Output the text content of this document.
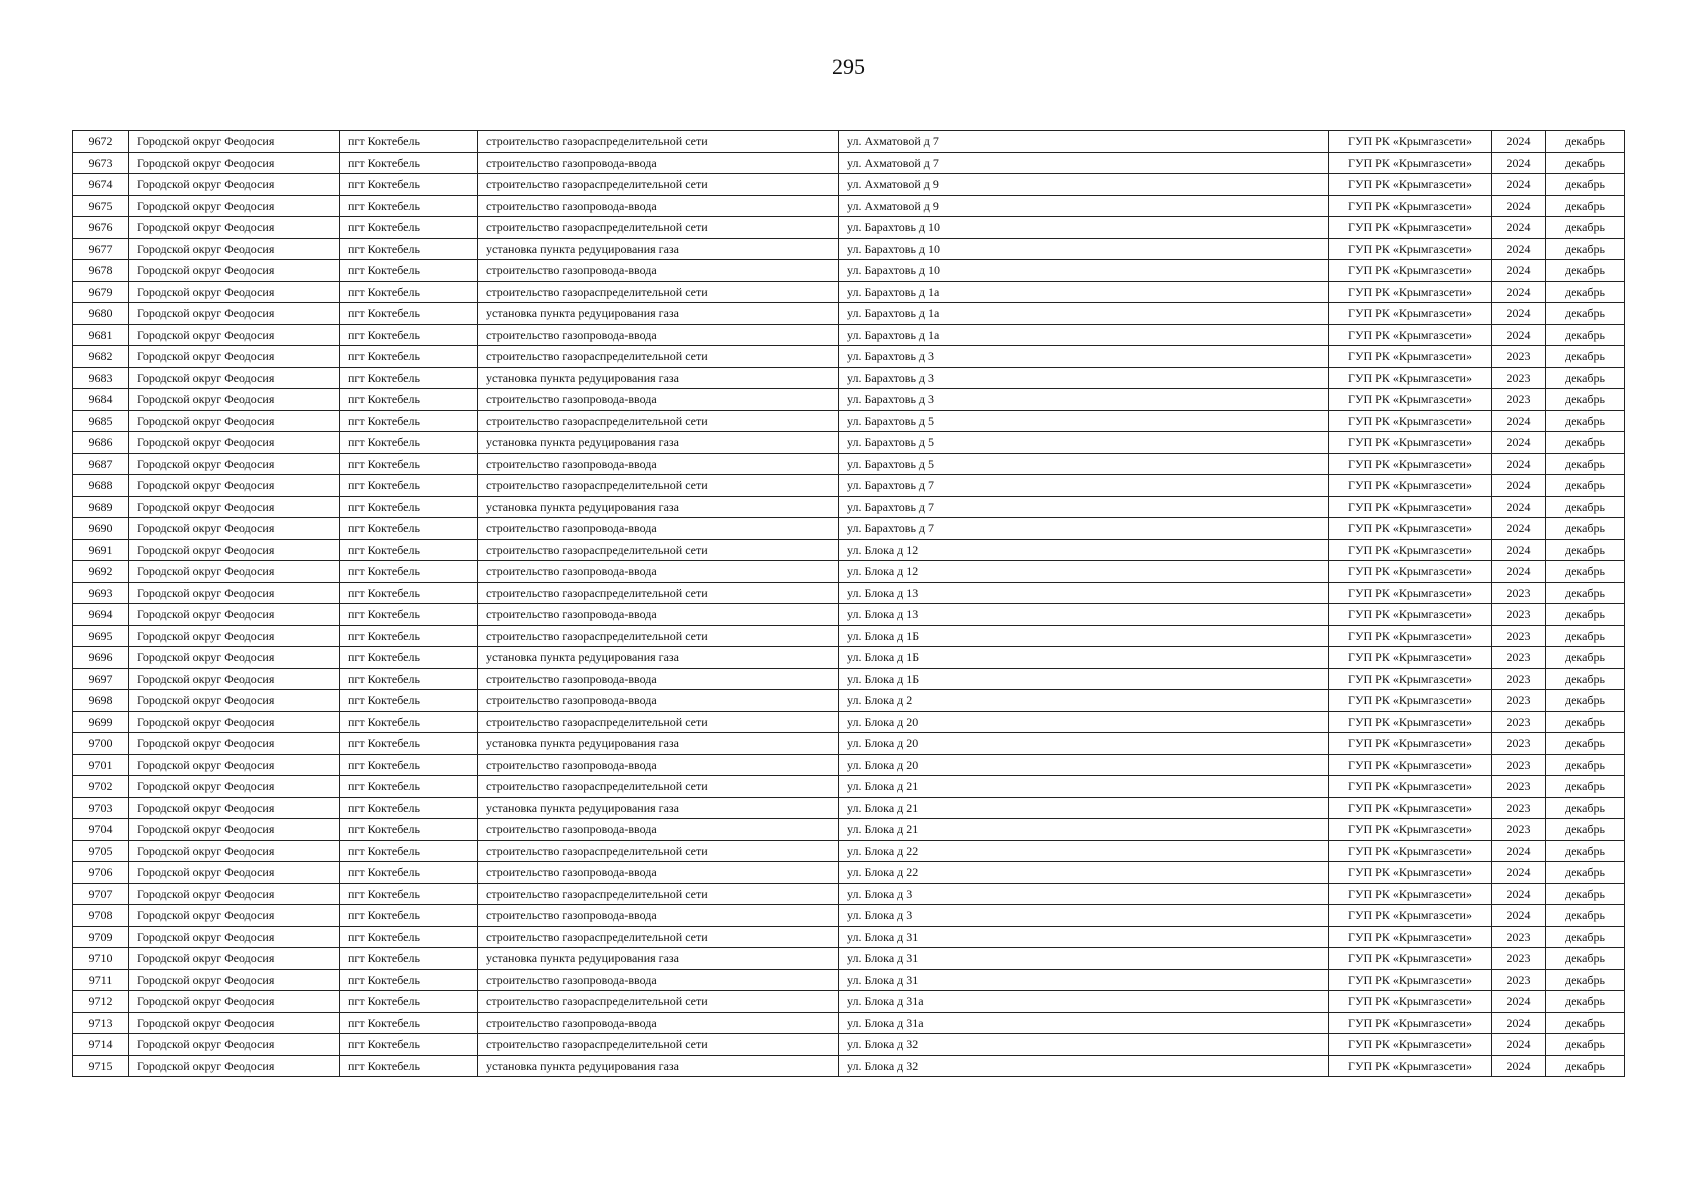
295
9672	Городской округ Феодосия	пгт Коктебель	строительство газораспределительной сети	ул. Ахматовой д 7	ГУП РК «Крымгазсети»	2024	декабрь
9673	Городской округ Феодосия	пгт Коктебель	строительство газопровода-ввода	ул. Ахматовой д 7	ГУП РК «Крымгазсети»	2024	декабрь
9674	Городской округ Феодосия	пгт Коктебель	строительство газораспределительной сети	ул. Ахматовой д 9	ГУП РК «Крымгазсети»	2024	декабрь
9675	Городской округ Феодосия	пгт Коктебель	строительство газопровода-ввода	ул. Ахматовой д 9	ГУП РК «Крымгазсети»	2024	декабрь
9676	Городской округ Феодосия	пгт Коктебель	строительство газораспределительной сети	ул. Барахтовь д 10	ГУП РК «Крымгазсети»	2024	декабрь
9677	Городской округ Феодосия	пгт Коктебель	установка пункта редуцирования газа	ул. Барахтовь д 10	ГУП РК «Крымгазсети»	2024	декабрь
9678	Городской округ Феодосия	пгт Коктебель	строительство газопровода-ввода	ул. Барахтовь д 10	ГУП РК «Крымгазсети»	2024	декабрь
9679	Городской округ Феодосия	пгт Коктебель	строительство газораспределительной сети	ул. Барахтовь д 1а	ГУП РК «Крымгазсети»	2024	декабрь
9680	Городской округ Феодосия	пгт Коктебель	установка пункта редуцирования газа	ул. Барахтовь д 1а	ГУП РК «Крымгазсети»	2024	декабрь
9681	Городской округ Феодосия	пгт Коктебель	строительство газопровода-ввода	ул. Барахтовь д 1а	ГУП РК «Крымгазсети»	2024	декабрь
9682	Городской округ Феодосия	пгт Коктебель	строительство газораспределительной сети	ул. Барахтовь д 3	ГУП РК «Крымгазсети»	2023	декабрь
9683	Городской округ Феодосия	пгт Коктебель	установка пункта редуцирования газа	ул. Барахтовь д 3	ГУП РК «Крымгазсети»	2023	декабрь
9684	Городской округ Феодосия	пгт Коктебель	строительство газопровода-ввода	ул. Барахтовь д 3	ГУП РК «Крымгазсети»	2023	декабрь
9685	Городской округ Феодосия	пгт Коктебель	строительство газораспределительной сети	ул. Барахтовь д 5	ГУП РК «Крымгазсети»	2024	декабрь
9686	Городской округ Феодосия	пгт Коктебель	установка пункта редуцирования газа	ул. Барахтовь д 5	ГУП РК «Крымгазсети»	2024	декабрь
9687	Городской округ Феодосия	пгт Коктебель	строительство газопровода-ввода	ул. Барахтовь д 5	ГУП РК «Крымгазсети»	2024	декабрь
9688	Городской округ Феодосия	пгт Коктебель	строительство газораспределительной сети	ул. Барахтовь д 7	ГУП РК «Крымгазсети»	2024	декабрь
9689	Городской округ Феодосия	пгт Коктебель	установка пункта редуцирования газа	ул. Барахтовь д 7	ГУП РК «Крымгазсети»	2024	декабрь
9690	Городской округ Феодосия	пгт Коктебель	строительство газопровода-ввода	ул. Барахтовь д 7	ГУП РК «Крымгазсети»	2024	декабрь
9691	Городской округ Феодосия	пгт Коктебель	строительство газораспределительной сети	ул. Блока д 12	ГУП РК «Крымгазсети»	2024	декабрь
9692	Городской округ Феодосия	пгт Коктебель	строительство газопровода-ввода	ул. Блока д 12	ГУП РК «Крымгазсети»	2024	декабрь
9693	Городской округ Феодосия	пгт Коктебель	строительство газораспределительной сети	ул. Блока д 13	ГУП РК «Крымгазсети»	2023	декабрь
9694	Городской округ Феодосия	пгт Коктебель	строительство газопровода-ввода	ул. Блока д 13	ГУП РК «Крымгазсети»	2023	декабрь
9695	Городской округ Феодосия	пгт Коктебель	строительство газораспределительной сети	ул. Блока д 1Б	ГУП РК «Крымгазсети»	2023	декабрь
9696	Городской округ Феодосия	пгт Коктебель	установка пункта редуцирования газа	ул. Блока д 1Б	ГУП РК «Крымгазсети»	2023	декабрь
9697	Городской округ Феодосия	пгт Коктебель	строительство газопровода-ввода	ул. Блока д 1Б	ГУП РК «Крымгазсети»	2023	декабрь
9698	Городской округ Феодосия	пгт Коктебель	строительство газопровода-ввода	ул. Блока д 2	ГУП РК «Крымгазсети»	2023	декабрь
9699	Городской округ Феодосия	пгт Коктебель	строительство газораспределительной сети	ул. Блока д 20	ГУП РК «Крымгазсети»	2023	декабрь
9700	Городской округ Феодосия	пгт Коктебель	установка пункта редуцирования газа	ул. Блока д 20	ГУП РК «Крымгазсети»	2023	декабрь
9701	Городской округ Феодосия	пгт Коктебель	строительство газопровода-ввода	ул. Блока д 20	ГУП РК «Крымгазсети»	2023	декабрь
9702	Городской округ Феодосия	пгт Коктебель	строительство газораспределительной сети	ул. Блока д 21	ГУП РК «Крымгазсети»	2023	декабрь
9703	Городской округ Феодосия	пгт Коктебель	установка пункта редуцирования газа	ул. Блока д 21	ГУП РК «Крымгазсети»	2023	декабрь
9704	Городской округ Феодосия	пгт Коктебель	строительство газопровода-ввода	ул. Блока д 21	ГУП РК «Крымгазсети»	2023	декабрь
9705	Городской округ Феодосия	пгт Коктебель	строительство газораспределительной сети	ул. Блока д 22	ГУП РК «Крымгазсети»	2024	декабрь
9706	Городской округ Феодосия	пгт Коктебель	строительство газопровода-ввода	ул. Блока д 22	ГУП РК «Крымгазсети»	2024	декабрь
9707	Городской округ Феодосия	пгт Коктебель	строительство газораспределительной сети	ул. Блока д 3	ГУП РК «Крымгазсети»	2024	декабрь
9708	Городской округ Феодосия	пгт Коктебель	строительство газопровода-ввода	ул. Блока д 3	ГУП РК «Крымгазсети»	2024	декабрь
9709	Городской округ Феодосия	пгт Коктебель	строительство газораспределительной сети	ул. Блока д 31	ГУП РК «Крымгазсети»	2023	декабрь
9710	Городской округ Феодосия	пгт Коктебель	установка пункта редуцирования газа	ул. Блока д 31	ГУП РК «Крымгазсети»	2023	декабрь
9711	Городской округ Феодосия	пгт Коктебель	строительство газопровода-ввода	ул. Блока д 31	ГУП РК «Крымгазсети»	2023	декабрь
9712	Городской округ Феодосия	пгт Коктебель	строительство газораспределительной сети	ул. Блока д 31а	ГУП РК «Крымгазсети»	2024	декабрь
9713	Городской округ Феодосия	пгт Коктебель	строительство газопровода-ввода	ул. Блока д 31а	ГУП РК «Крымгазсети»	2024	декабрь
9714	Городской округ Феодосия	пгт Коктебель	строительство газораспределительной сети	ул. Блока д 32	ГУП РК «Крымгазсети»	2024	декабрь
9715	Городской округ Феодосия	пгт Коктебель	установка пункта редуцирования газа	ул. Блока д 32	ГУП РК «Крымгазсети»	2024	декабрь
